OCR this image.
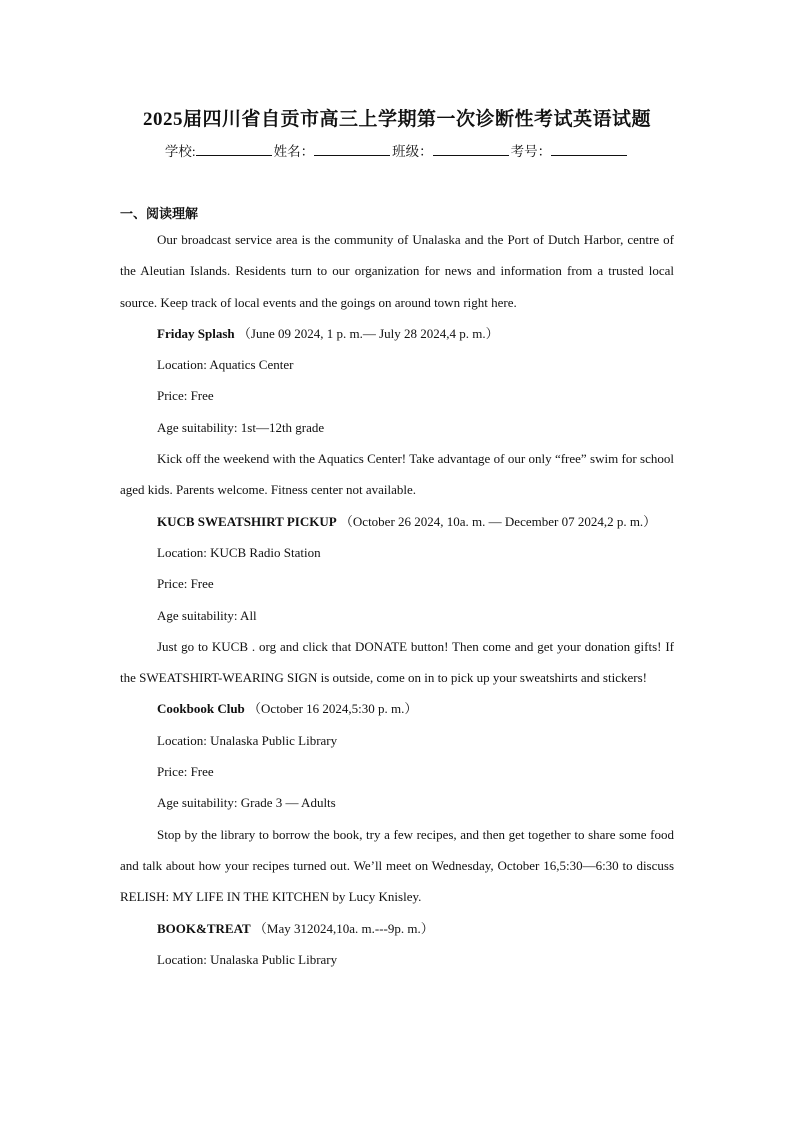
2025届四川省自贡市高三上学期第一次诊断性考试英语试题
学校:	姓名：	班级：	考号：
一、阅读理解

Our broadcast service area is the community of Unalaska and the Port of Dutch Harbor, centre of the Aleutian Islands. Residents turn to our organization for news and information from a trusted local source. Keep track of local events and the goings on around town right here.

Friday Splash （June 09 2024, 1 p. m.— July 28 2024,4 p. m.）

Location: Aquatics Center

Price: Free

Age suitability: 1st—12th grade

Kick off the weekend with the Aquatics Center! Take advantage of our only “free” swim for school aged kids. Parents welcome. Fitness center not available.

KUCB SWEATSHIRT PICKUP （October 26 2024, 10a. m. — December 07 2024,2 p. m.）

Location: KUCB Radio Station

Price: Free

Age suitability: All

Just go to KUCB . org and click that DONATE button! Then come and get your donation gifts! If the SWEATSHIRT-WEARING SIGN is outside, come on in to pick up your sweatshirts and stickers!

Cookbook Club （October 16 2024,5:30 p. m.）

Location: Unalaska Public Library

Price: Free

Age suitability: Grade 3 — Adults

Stop by the library to borrow the book, try a few recipes, and then get together to share some food and talk about how your recipes turned out. We’ll meet on Wednesday, October 16,5:30—6:30 to discuss RELISH: MY LIFE IN THE KITCHEN by Lucy Knisley.

BOOK&TREAT （May 312024,10a. m.---9p. m.）

Location: Unalaska Public Library
